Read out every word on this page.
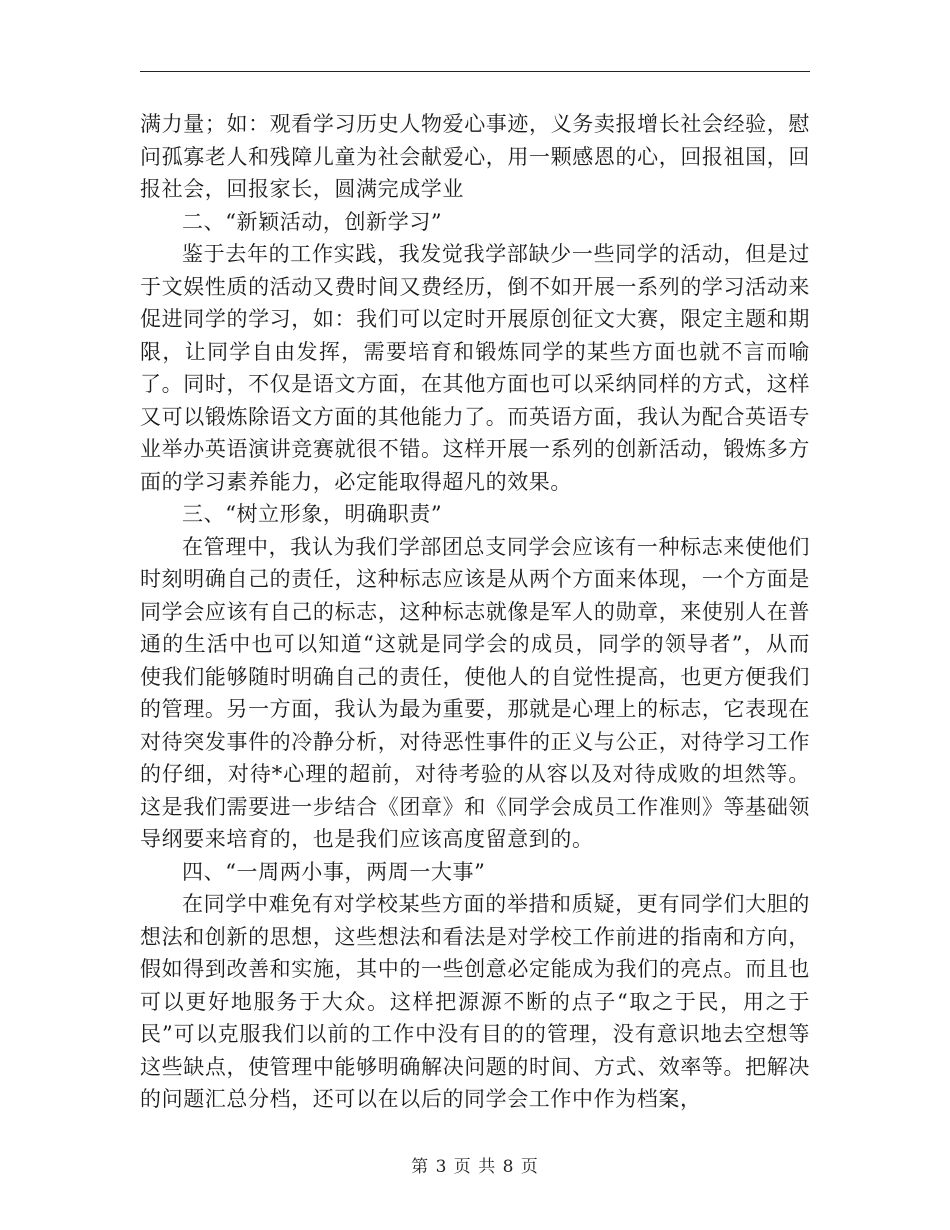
满力量；如：观看学习历史人物爱心事迹，义务卖报增长社会经验，慰问孤寡老人和残障儿童为社会献爱心，用一颗感恩的心，回报祖国，回报社会，回报家长，圆满完成学业

二、“新颖活动，创新学习”

鉴于去年的工作实践，我发觉我学部缺少一些同学的活动，但是过于文娱性质的活动又费时间又费经历，倒不如开展一系列的学习活动来促进同学的学习，如：我们可以定时开展原创征文大赛，限定主题和期限，让同学自由发挥，需要培育和锻炼同学的某些方面也就不言而喻了。同时，不仅是语文方面，在其他方面也可以采纳同样的方式，这样又可以锻炼除语文方面的其他能力了。而英语方面，我认为配合英语专业举办英语演讲竞赛就很不错。这样开展一系列的创新活动，锻炼多方面的学习素养能力，必定能取得超凡的效果。

三、“树立形象，明确职责”

在管理中，我认为我们学部团总支同学会应该有一种标志来使他们时刻明确自己的责任，这种标志应该是从两个方面来体现，一个方面是同学会应该有自己的标志，这种标志就像是军人的勋章，来使别人在普通的生活中也可以知道“这就是同学会的成员，同学的领导者”，从而使我们能够随时明确自己的责任，使他人的自觉性提高，也更方便我们的管理。另一方面，我认为最为重要，那就是心理上的标志，它表现在对待突发事件的冷静分析，对待恶性事件的正义与公正，对待学习工作的仔细，对待*心理的超前，对待考验的从容以及对待成败的坦然等。这是我们需要进一步结合《团章》和《同学会成员工作准则》等基础领导纲要来培育的，也是我们应该高度留意到的。

四、“一周两小事，两周一大事”

在同学中难免有对学校某些方面的举措和质疑，更有同学们大胆的想法和创新的思想，这些想法和看法是对学校工作前进的指南和方向，假如得到改善和实施，其中的一些创意必定能成为我们的亮点。而且也可以更好地服务于大众。这样把源源不断的点子“取之于民，用之于民”可以克服我们以前的工作中没有目的的管理，没有意识地去空想等这些缺点，使管理中能够明确解决问题的时间、方式、效率等。把解决的问题汇总分档，还可以在以后的同学会工作中作为档案，

第 3 页 共 8 页
